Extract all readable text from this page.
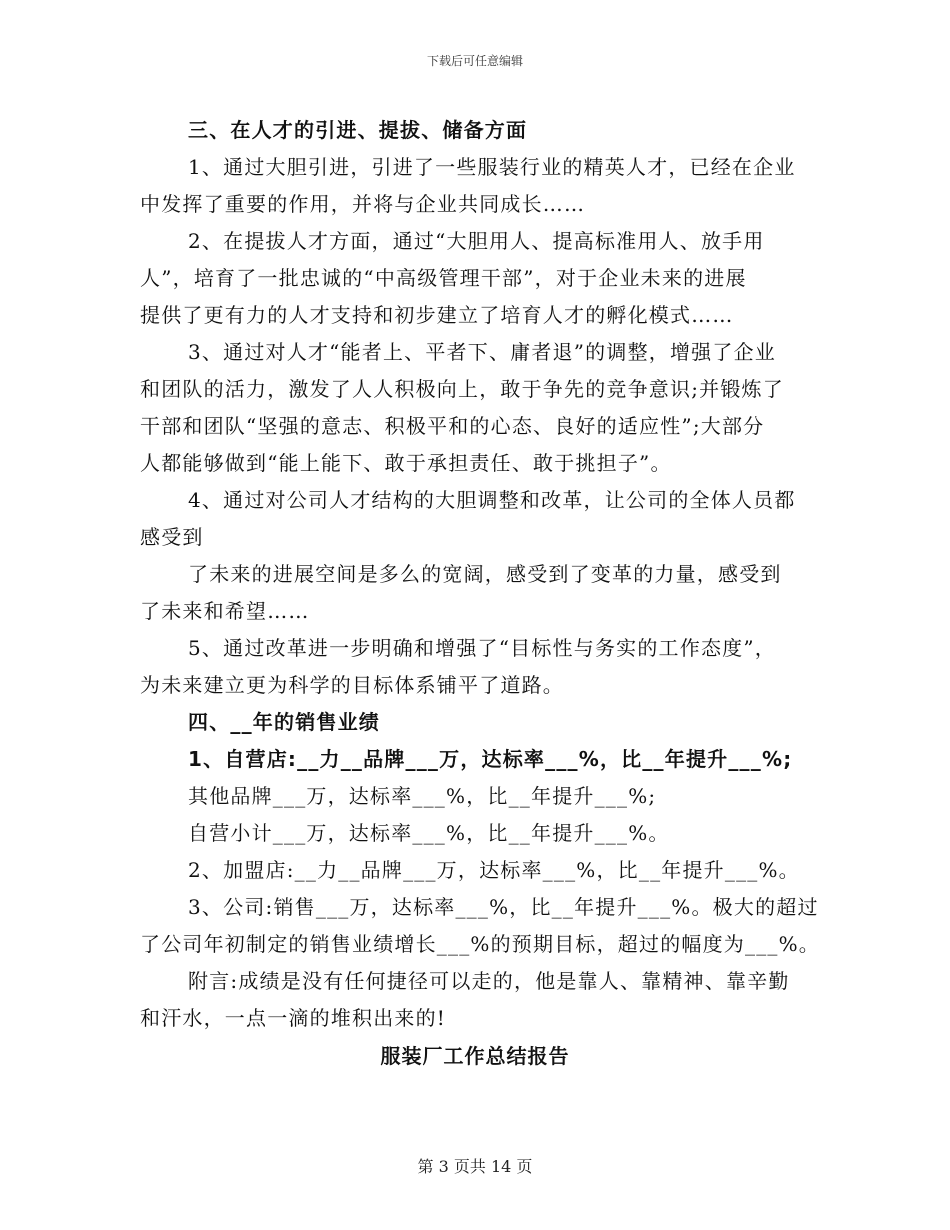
下载后可任意编辑
三、在人才的引进、提拔、储备方面
1、通过大胆引进，引进了一些服装行业的精英人才，已经在企业
中发挥了重要的作用，并将与企业共同成长……
2、在提拔人才方面，通过“大胆用人、提高标准用人、放手用
人”，培育了一批忠诚的“中高级管理干部”，对于企业未来的进展
提供了更有力的人才支持和初步建立了培育人才的孵化模式……
3、通过对人才“能者上、平者下、庸者退”的调整，增强了企业
和团队的活力，激发了人人积极向上，敢于争先的竞争意识;并锻炼了
干部和团队“坚强的意志、积极平和的心态、良好的适应性”;大部分
人都能够做到“能上能下、敢于承担责任、敢于挑担子”。
4、通过对公司人才结构的大胆调整和改革，让公司的全体人员都
感受到
了未来的进展空间是多么的宽阔，感受到了变革的力量，感受到
了未来和希望……
5、通过改革进一步明确和增强了“目标性与务实的工作态度”，
为未来建立更为科学的目标体系铺平了道路。
四、__年的销售业绩
1、自营店:__力__品牌___万，达标率___%，比__年提升___%;
其他品牌___万，达标率___%，比__年提升___%;
自营小计___万，达标率___%，比__年提升___%。
2、加盟店:__力__品牌___万，达标率___%，比__年提升___%。
3、公司:销售___万，达标率___%，比__年提升___%。极大的超过
了公司年初制定的销售业绩增长___%的预期目标，超过的幅度为___%。
附言:成绩是没有任何捷径可以走的，他是靠人、靠精神、靠辛勤
和汗水，一点一滴的堆积出来的!
服装厂工作总结报告
第 3 页共 14 页
